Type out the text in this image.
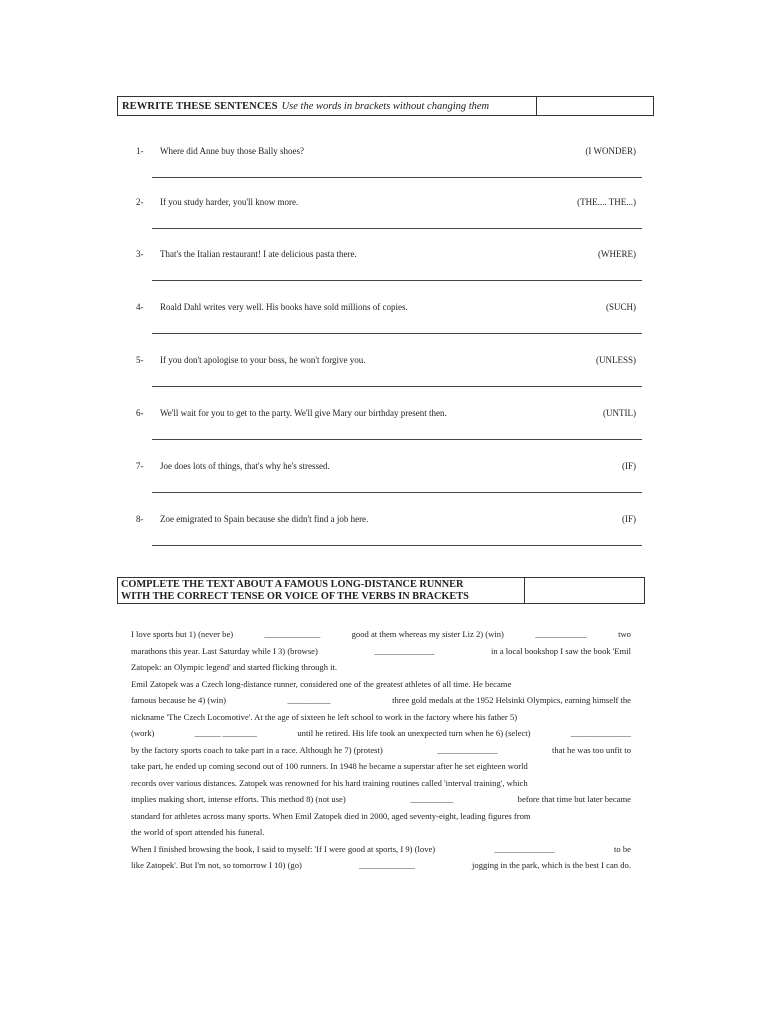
REWRITE THESE SENTENCES Use the words in brackets without changing them
1- Where did Anne buy those Bally shoes?	(I WONDER)
2- If you study harder, you'll know more.	(THE.... THE...)
3- That's the Italian restaurant! I ate delicious pasta there.	(WHERE)
4- Roald Dahl writes very well. His books have sold millions of copies.	(SUCH)
5- If you don't apologise to your boss, he won't forgive you.	(UNLESS)
6- We'll wait for you to get to the party. We'll give Mary our birthday present then.	(UNTIL)
7- Joe does lots of things, that's why he's stressed.	(IF)
8- Zoe emigrated to Spain because she didn't find a job here.	(IF)
COMPLETE THE TEXT ABOUT A FAMOUS LONG-DISTANCE RUNNER
WITH THE CORRECT TENSE OR VOICE OF THE VERBS IN BRACKETS
I love sports but 1) (never be)	_____________	good at them whereas my sister Liz 2) (win)	____________	two
marathons this year. Last Saturday while I 3) (browse)	______________	in a local bookshop I saw the book 'Emil
Zatopek: an Olympic legend' and started flicking through it.
Emil Zatopek was a Czech long-distance runner, considered one of the greatest athletes of all time. He became
famous because he 4) (win)	__________	three gold medals at the 1952 Helsinki Olympics, earning himself the
nickname 'The Czech Locomotive'. At the age of sixteen he left school to work in the factory where his father 5)
(work)	______ ________	until he retired. His life took an unexpected turn when he 6) (select)	______________
by the factory sports coach to take part in a race. Although he 7) (protest)	______________	that he was too unfit to
take part, he ended up coming second out of 100 runners. In 1948 he became a superstar after he set eighteen world
records over various distances. Zatopek was renowned for his hard training routines called 'interval training', which
implies making short, intense efforts. This method 8) (not use)	__________	before that time but later became
standard for athletes across many sports. When Emil Zatopek died in 2000, aged seventy-eight, leading figures from
the world of sport attended his funeral.
When I finished browsing the book, I said to myself: 'If I were good at sports, I 9) (love)	______________	to be
like Zatopek'. But I'm not, so tomorrow I 10) (go)	_____________	jogging in the park, which is the best I can do.
